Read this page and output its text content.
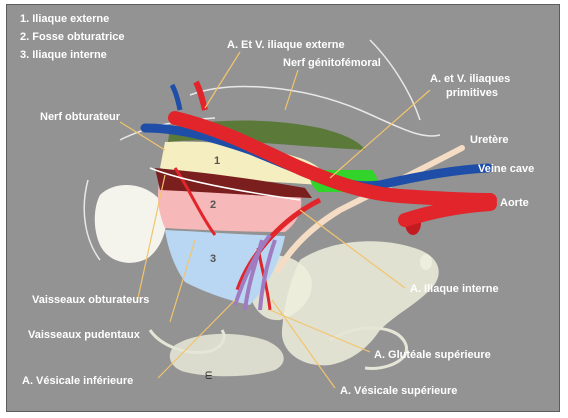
1. Iliaque externe
2. Fosse obturatrice
3. Iliaque interne
1
2
3
A. Et V. iliaque externe
Nerf génitofémoral
A. et V. iliaques
primitives
Nerf obturateur
Uretère
Veine cave
Aorte
Vaisseaux obturateurs
A. Iliaque interne
Vaisseaux pudentaux
A. Glutéale supérieure
A. Vésicale inférieure
A. Vésicale supérieure
ᗴ
